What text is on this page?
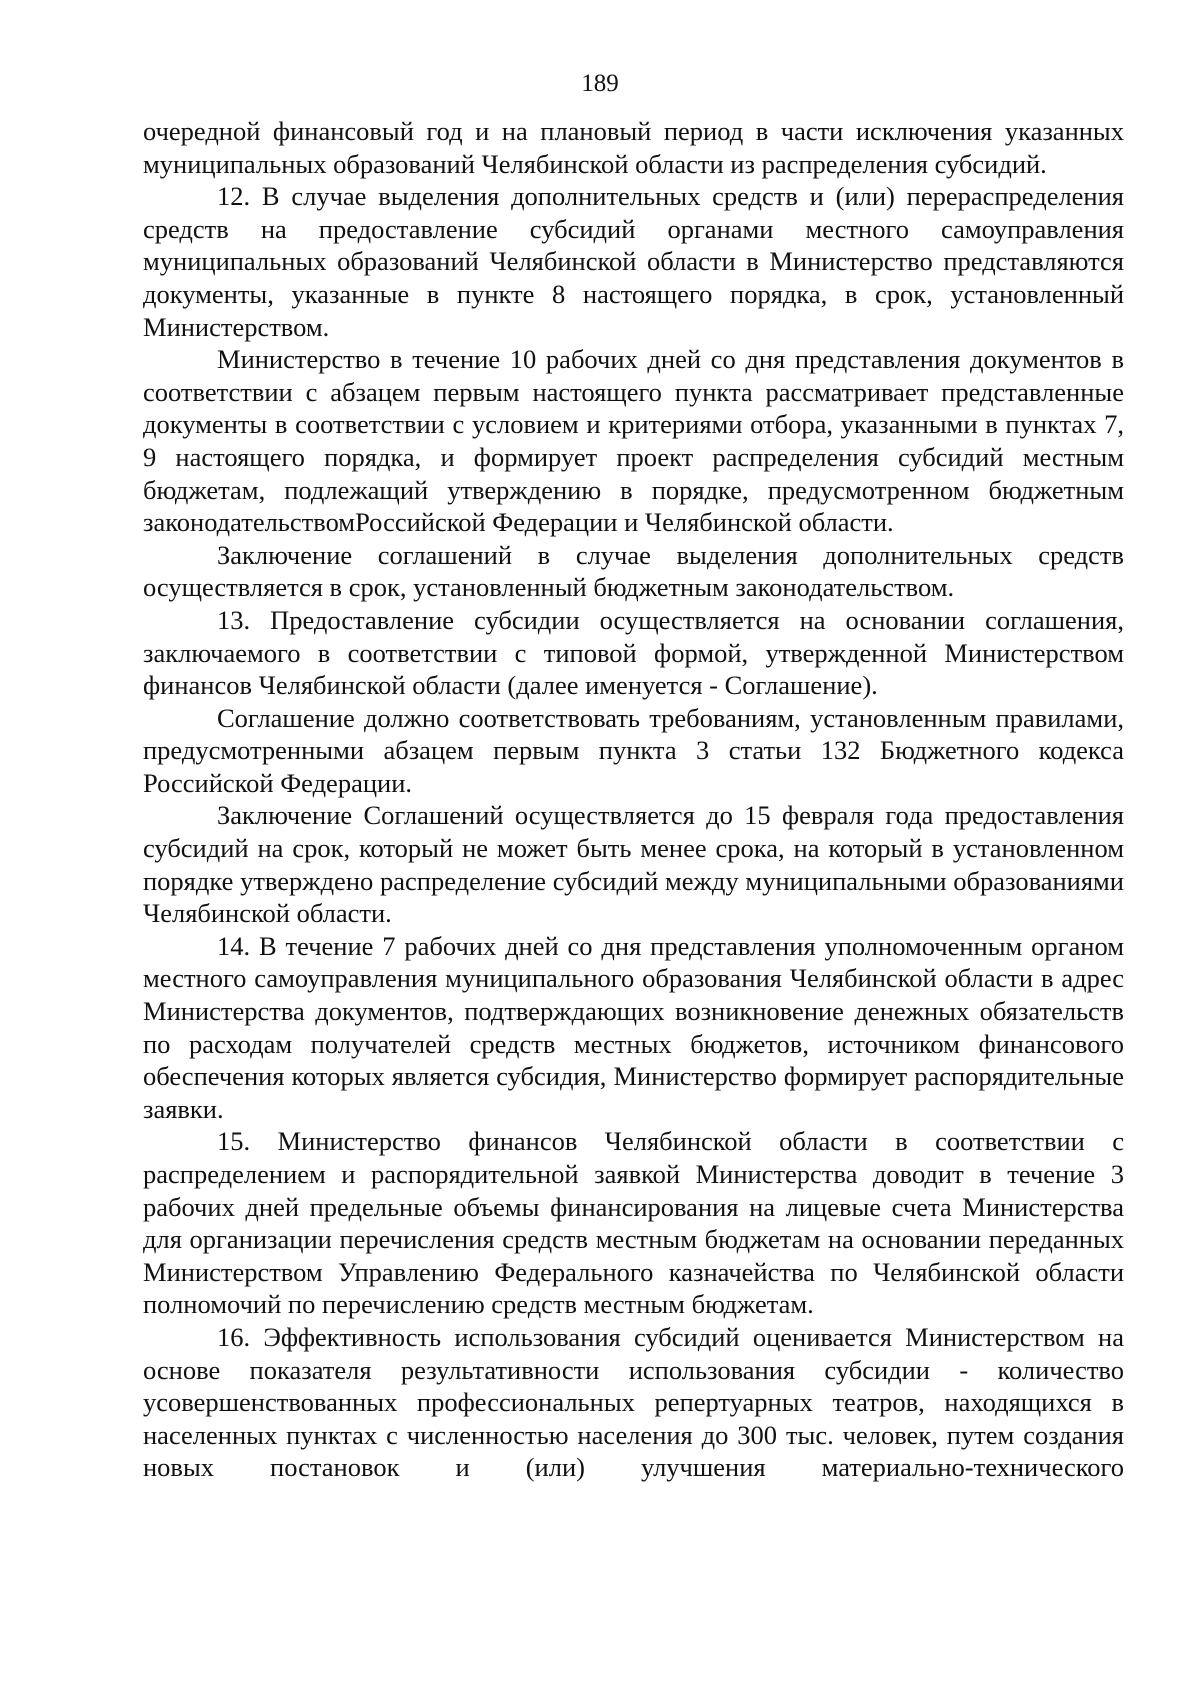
189

очередной финансовый год и на плановый период в части исключения указанных муниципальных образований Челябинской области из распределения субсидий.

12. В случае выделения дополнительных средств и (или) перераспределения средств на предоставление субсидий органами местного самоуправления муниципальных образований Челябинской области в Министерство представляются документы, указанные в пункте 8 настоящего порядка, в срок, установленный Министерством.

Министерство в течение 10 рабочих дней со дня представления документов в соответствии с абзацем первым настоящего пункта рассматривает представленные документы в соответствии с условием и критериями отбора, указанными в пунктах 7, 9 настоящего порядка, и формирует проект распределения субсидий местным бюджетам, подлежащий утверждению в порядке, предусмотренном бюджетным законодательствомРоссийской Федерации и Челябинской области.

Заключение соглашений в случае выделения дополнительных средств осуществляется в срок, установленный бюджетным законодательством.

13. Предоставление субсидии осуществляется на основании соглашения, заключаемого в соответствии с типовой формой, утвержденной Министерством финансов Челябинской области (далее именуется - Соглашение).

Соглашение должно соответствовать требованиям, установленным правилами, предусмотренными абзацем первым пункта 3 статьи 132 Бюджетного кодекса Российской Федерации.

Заключение Соглашений осуществляется до 15 февраля года предоставления субсидий на срок, который не может быть менее срока, на который в установленном порядке утверждено распределение субсидий между муниципальными образованиями Челябинской области.

14. В течение 7 рабочих дней со дня представления уполномоченным органом местного самоуправления муниципального образования Челябинской области в адрес Министерства документов, подтверждающих возникновение денежных обязательств по расходам получателей средств местных бюджетов, источником финансового обеспечения которых является субсидия, Министерство формирует распорядительные заявки.

15. Министерство финансов Челябинской области в соответствии с распределением и распорядительной заявкой Министерства доводит в течение 3 рабочих дней предельные объемы финансирования на лицевые счета Министерства для организации перечисления средств местным бюджетам на основании переданных Министерством Управлению Федерального казначейства по Челябинской области полномочий по перечислению средств местным бюджетам.

16. Эффективность использования субсидий оценивается Министерством на основе показателя результативности использования субсидии - количество усовершенствованных профессиональных репертуарных театров, находящихся в населенных пунктах с численностью населения до 300 тыс. человек, путем создания новых постановок и (или) улучшения материально-технического
